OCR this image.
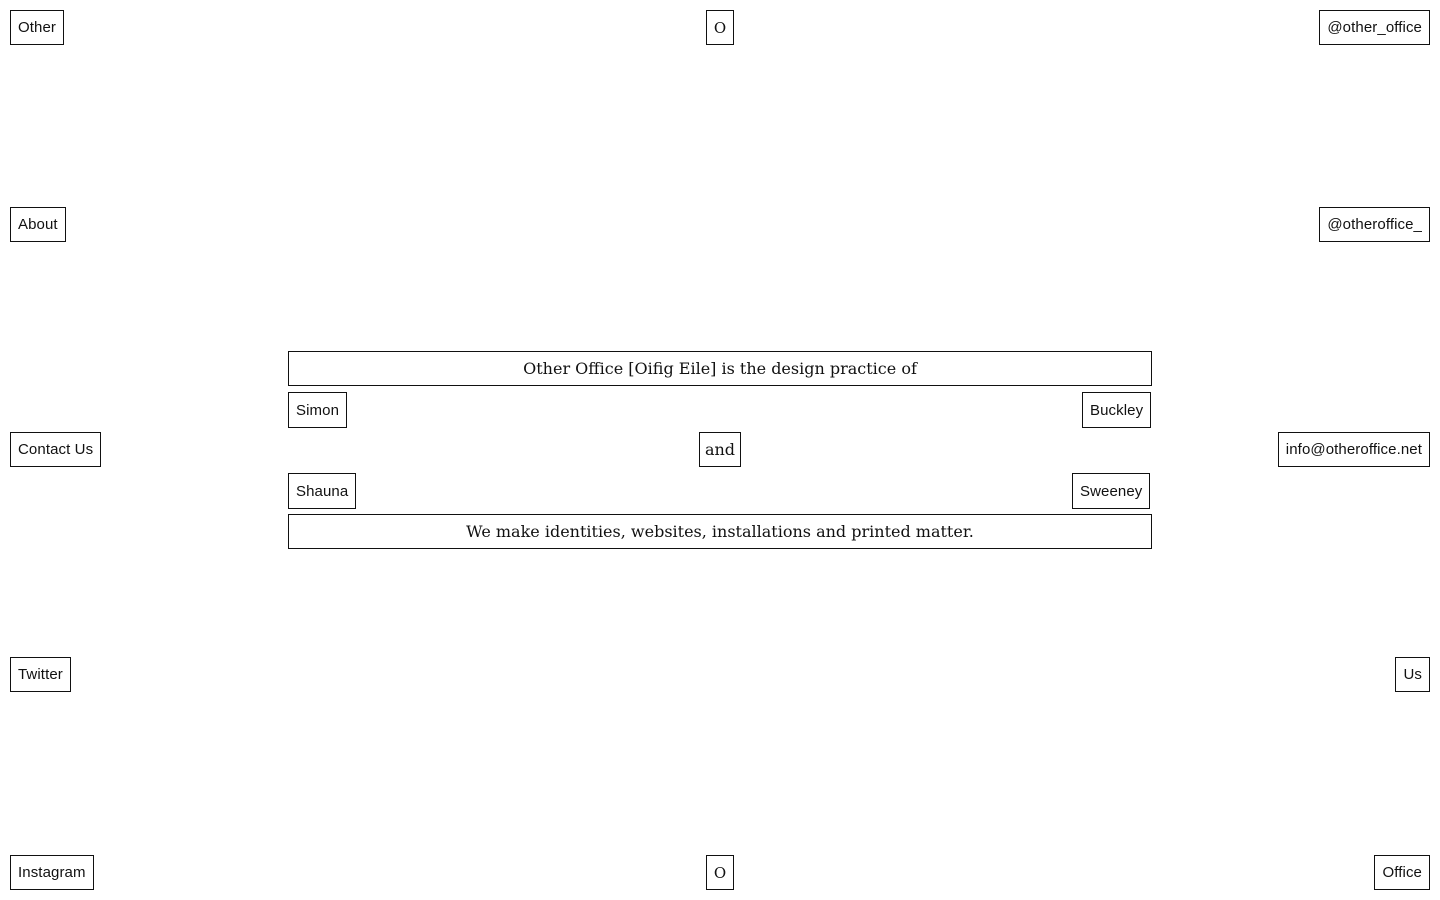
Other	O	@other_office
About	@otheroffice_
Contact Us	info@otheroffice.net
Twitter	Us
Instagram	O	Office
Other Office [Oifig Eile] is the design practice of
Simon	Buckley
and
Shauna	Sweeney
We make identities, websites, installations and printed matter.
